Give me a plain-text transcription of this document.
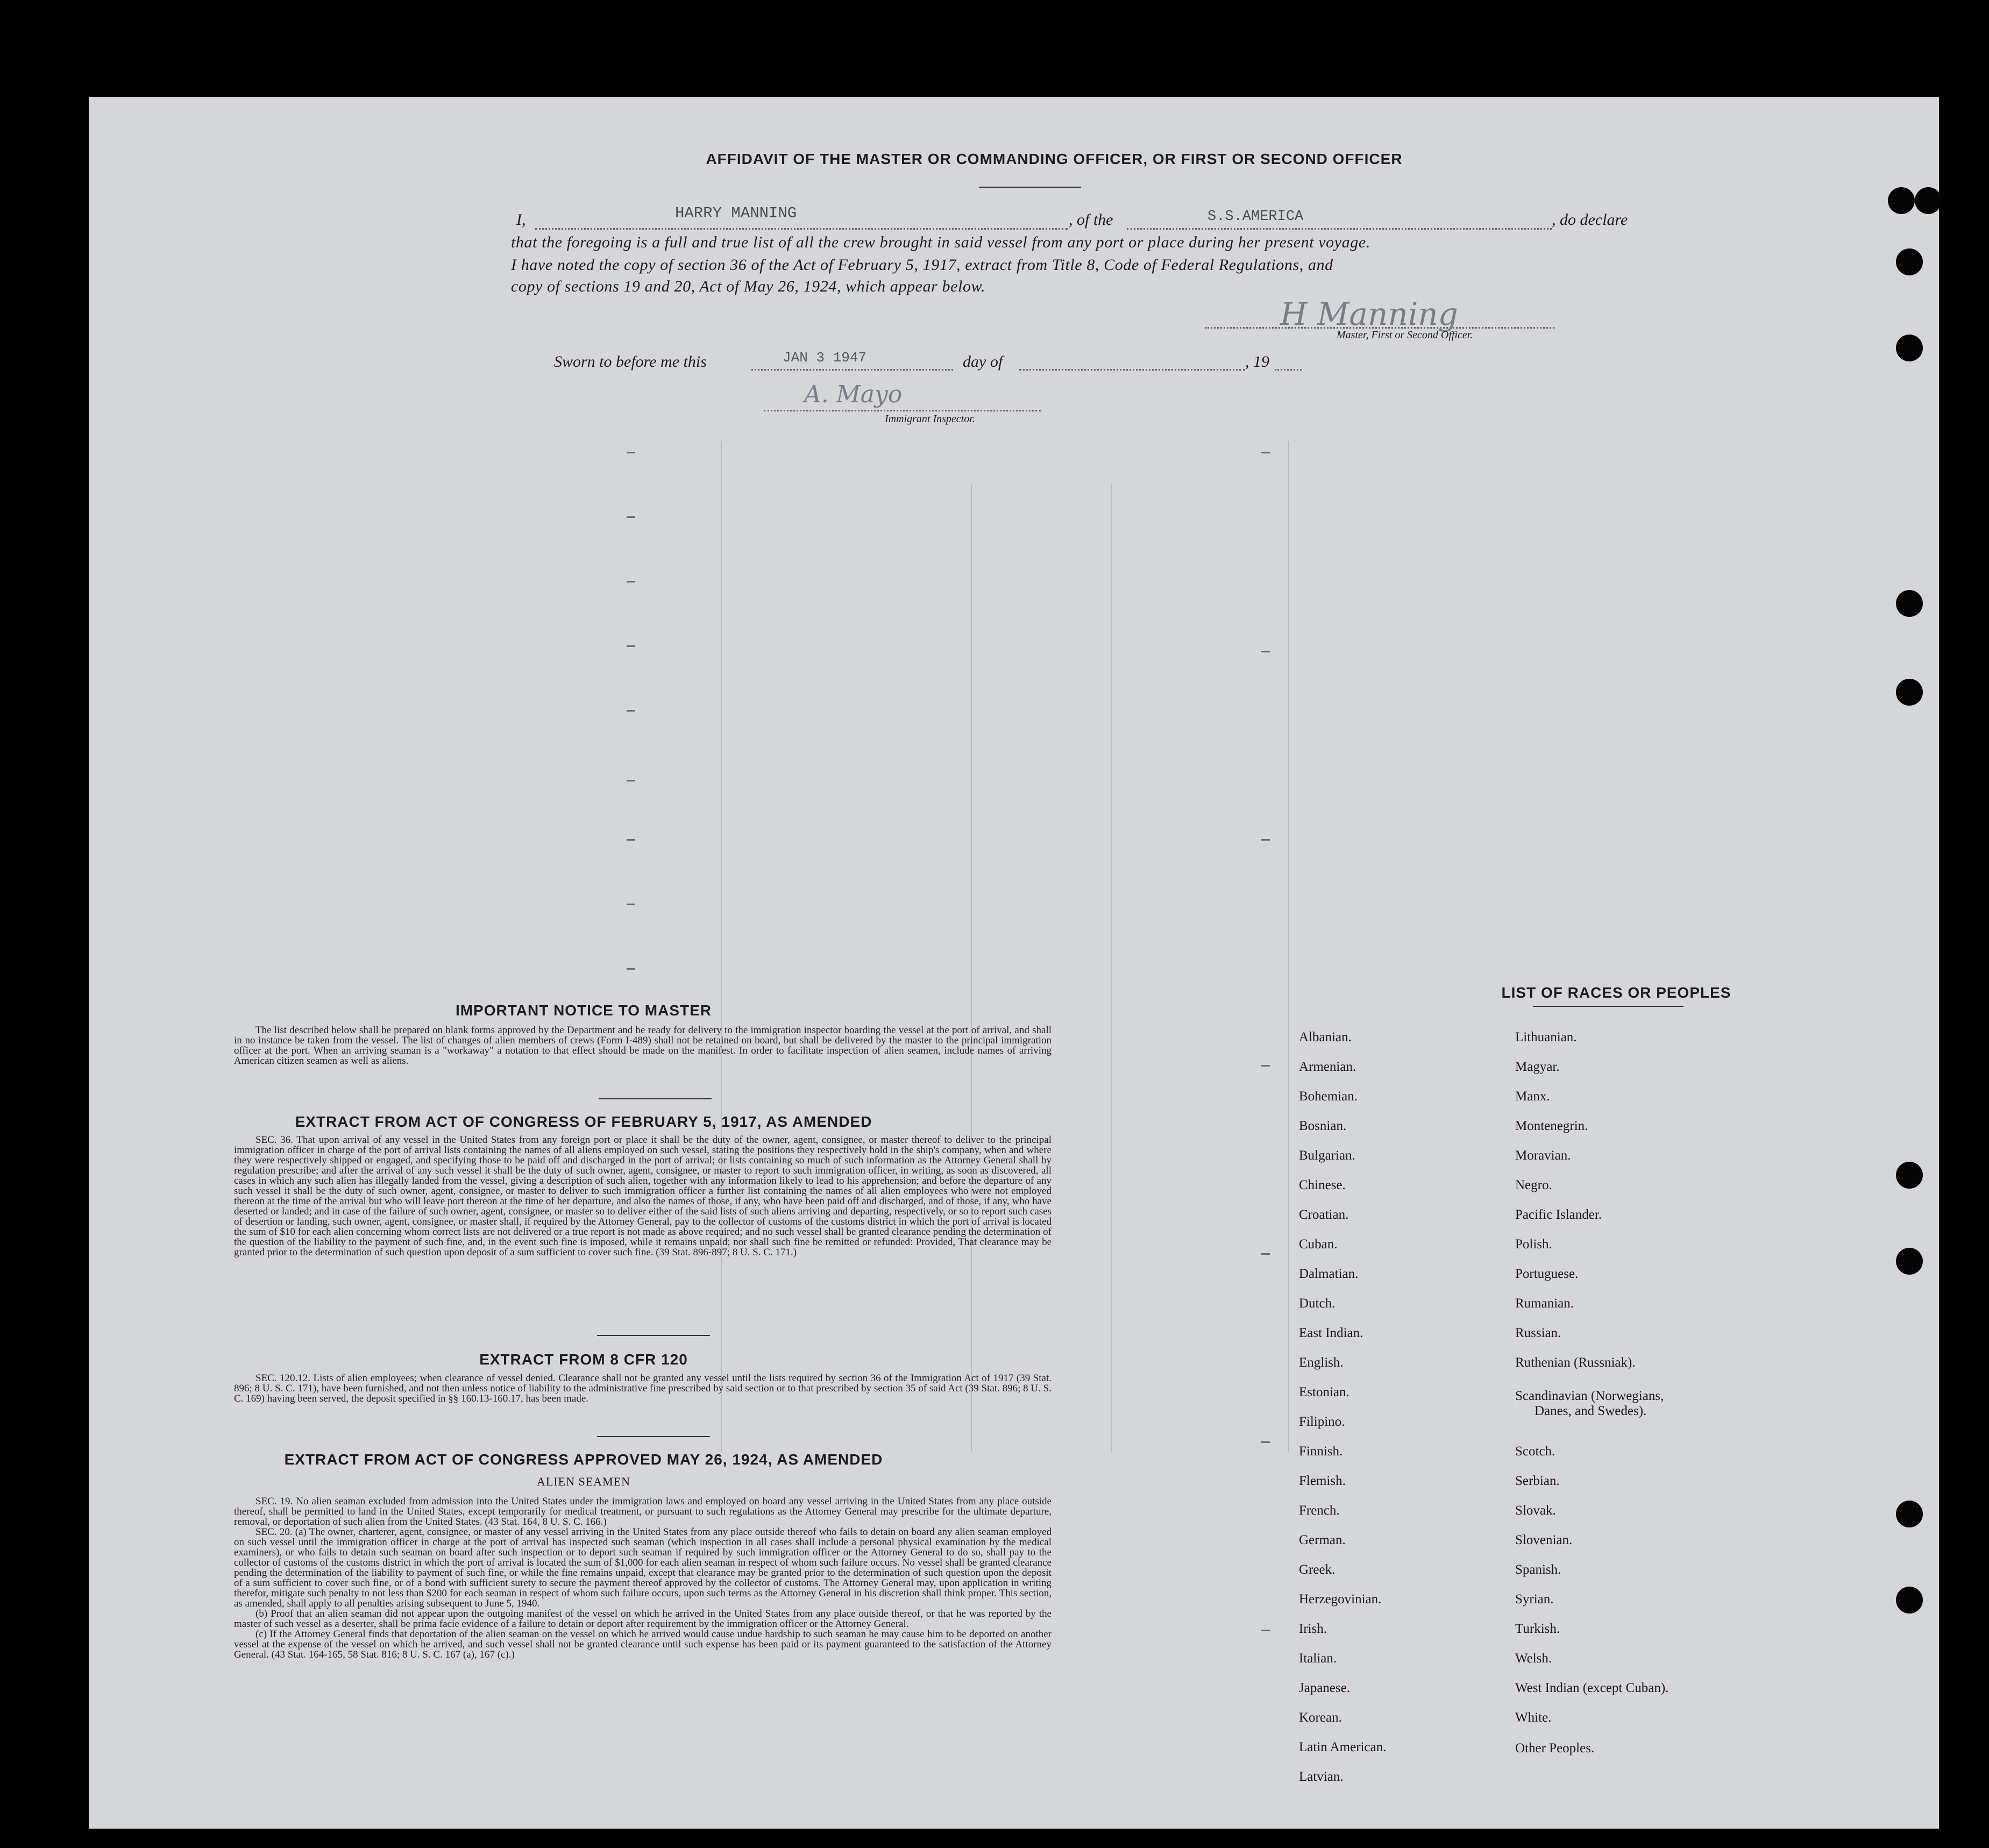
AFFIDAVIT OF THE MASTER OR COMMANDING OFFICER, OR FIRST OR SECOND OFFICER
I,	HARRY MANNING	, of the	S.S.AMERICA	, do declare
that the foregoing is a full and true list of all the crew brought in said vessel from any port or place during her present voyage.
I have noted the copy of section 36 of the Act of February 5, 1917, extract from Title 8, Code of Federal Regulations, and
copy of sections 19 and 20, Act of May 26, 1924, which appear below.
H Manning
Master, First or Second Officer.
Sworn to before me this	JAN 3 1947	day of	, 19
A. Mayo
Immigrant Inspector.
IMPORTANT NOTICE TO MASTER

The list described below shall be prepared on blank forms approved by the Department and be ready for delivery to the immigration inspector boarding the vessel at the port of arrival, and shall in no instance be taken from the vessel. The list of changes of alien members of crews (Form I-489) shall not be retained on board, but shall be delivered by the master to the principal immigration officer at the port. When an arriving seaman is a "workaway" a notation to that effect should be made on the manifest. In order to facilitate inspection of alien seamen, include names of arriving American citizen seamen as well as aliens.

EXTRACT FROM ACT OF CONGRESS OF FEBRUARY 5, 1917, AS AMENDED

SEC. 36. That upon arrival of any vessel in the United States from any foreign port or place it shall be the duty of the owner, agent, consignee, or master thereof to deliver to the principal immigration officer in charge of the port of arrival lists containing the names of all aliens employed on such vessel, stating the positions they respectively hold in the ship's company, when and where they were respectively shipped or engaged, and specifying those to be paid off and discharged in the port of arrival; or lists containing so much of such information as the Attorney General shall by regulation prescribe; and after the arrival of any such vessel it shall be the duty of such owner, agent, consignee, or master to report to such immigration officer, in writing, as soon as discovered, all cases in which any such alien has illegally landed from the vessel, giving a description of such alien, together with any information likely to lead to his apprehension; and before the departure of any such vessel it shall be the duty of such owner, agent, consignee, or master to deliver to such immigration officer a further list containing the names of all alien employees who were not employed thereon at the time of the arrival but who will leave port thereon at the time of her departure, and also the names of those, if any, who have been paid off and discharged, and of those, if any, who have deserted or landed; and in case of the failure of such owner, agent, consignee, or master so to deliver either of the said lists of such aliens arriving and departing, respectively, or so to report such cases of desertion or landing, such owner, agent, consignee, or master shall, if required by the Attorney General, pay to the collector of customs of the customs district in which the port of arrival is located the sum of $10 for each alien concerning whom correct lists are not delivered or a true report is not made as above required; and no such vessel shall be granted clearance pending the determination of the question of the liability to the payment of such fine, and, in the event such fine is imposed, while it remains unpaid; nor shall such fine be remitted or refunded: Provided, That clearance may be granted prior to the determination of such question upon deposit of a sum sufficient to cover such fine. (39 Stat. 896-897; 8 U. S. C. 171.)

EXTRACT FROM 8 CFR 120

SEC. 120.12. Lists of alien employees; when clearance of vessel denied. Clearance shall not be granted any vessel until the lists required by section 36 of the Immigration Act of 1917 (39 Stat. 896; 8 U. S. C. 171), have been furnished, and not then unless notice of liability to the administrative fine prescribed by said section or to that prescribed by section 35 of said Act (39 Stat. 896; 8 U. S. C. 169) having been served, the deposit specified in §§ 160.13-160.17, has been made.

EXTRACT FROM ACT OF CONGRESS APPROVED MAY 26, 1924, AS AMENDED
ALIEN SEAMEN

SEC. 19. No alien seaman excluded from admission into the United States under the immigration laws and employed on board any vessel arriving in the United States from any place outside thereof, shall be permitted to land in the United States, except temporarily for medical treatment, or pursuant to such regulations as the Attorney General may prescribe for the ultimate departure, removal, or deportation of such alien from the United States. (43 Stat. 164, 8 U. S. C. 166.)

SEC. 20. (a) The owner, charterer, agent, consignee, or master of any vessel arriving in the United States from any place outside thereof who fails to detain on board any alien seaman employed on such vessel until the immigration officer in charge at the port of arrival has inspected such seaman (which inspection in all cases shall include a personal physical examination by the medical examiners), or who fails to detain such seaman on board after such inspection or to deport such seaman if required by such immigration officer or the Attorney General to do so, shall pay to the collector of customs of the customs district in which the port of arrival is located the sum of $1,000 for each alien seaman in respect of whom such failure occurs. No vessel shall be granted clearance pending the determination of the liability to payment of such fine, or while the fine remains unpaid, except that clearance may be granted prior to the determination of such question upon the deposit of a sum sufficient to cover such fine, or of a bond with sufficient surety to secure the payment thereof approved by the collector of customs. The Attorney General may, upon application in writing therefor, mitigate such penalty to not less than $200 for each seaman in respect of whom such failure occurs, upon such terms as the Attorney General in his discretion shall think proper. This section, as amended, shall apply to all penalties arising subsequent to June 5, 1940.

(b) Proof that an alien seaman did not appear upon the outgoing manifest of the vessel on which he arrived in the United States from any place outside thereof, or that he was reported by the master of such vessel as a deserter, shall be prima facie evidence of a failure to detain or deport after requirement by the immigration officer or the Attorney General.

(c) If the Attorney General finds that deportation of the alien seaman on the vessel on which he arrived would cause undue hardship to such seaman he may cause him to be deported on another vessel at the expense of the vessel on which he arrived, and such vessel shall not be granted clearance until such expense has been paid or its payment guaranteed to the satisfaction of the Attorney General. (43 Stat. 164-165, 58 Stat. 816; 8 U. S. C. 167 (a), 167 (c).)

LIST OF RACES OR PEOPLES
Albanian.
Armenian.
Bohemian.
Bosnian.
Bulgarian.
Chinese.
Croatian.
Cuban.
Dalmatian.
Dutch.
East Indian.
English.
Estonian.
Filipino.
Finnish.
Flemish.
French.
German.
Greek.
Herzegovinian.
Irish.
Italian.
Japanese.
Korean.
Latin American.
Latvian.
Lithuanian.
Magyar.
Manx.
Montenegrin.
Moravian.
Negro.
Pacific Islander.
Polish.
Portuguese.
Rumanian.
Russian.
Ruthenian (Russniak).
Scandinavian (Norwegians,
Danes, and Swedes).
Scotch.
Serbian.
Slovak.
Slovenian.
Spanish.
Syrian.
Turkish.
Welsh.
West Indian (except Cuban).
White.
Other Peoples.
